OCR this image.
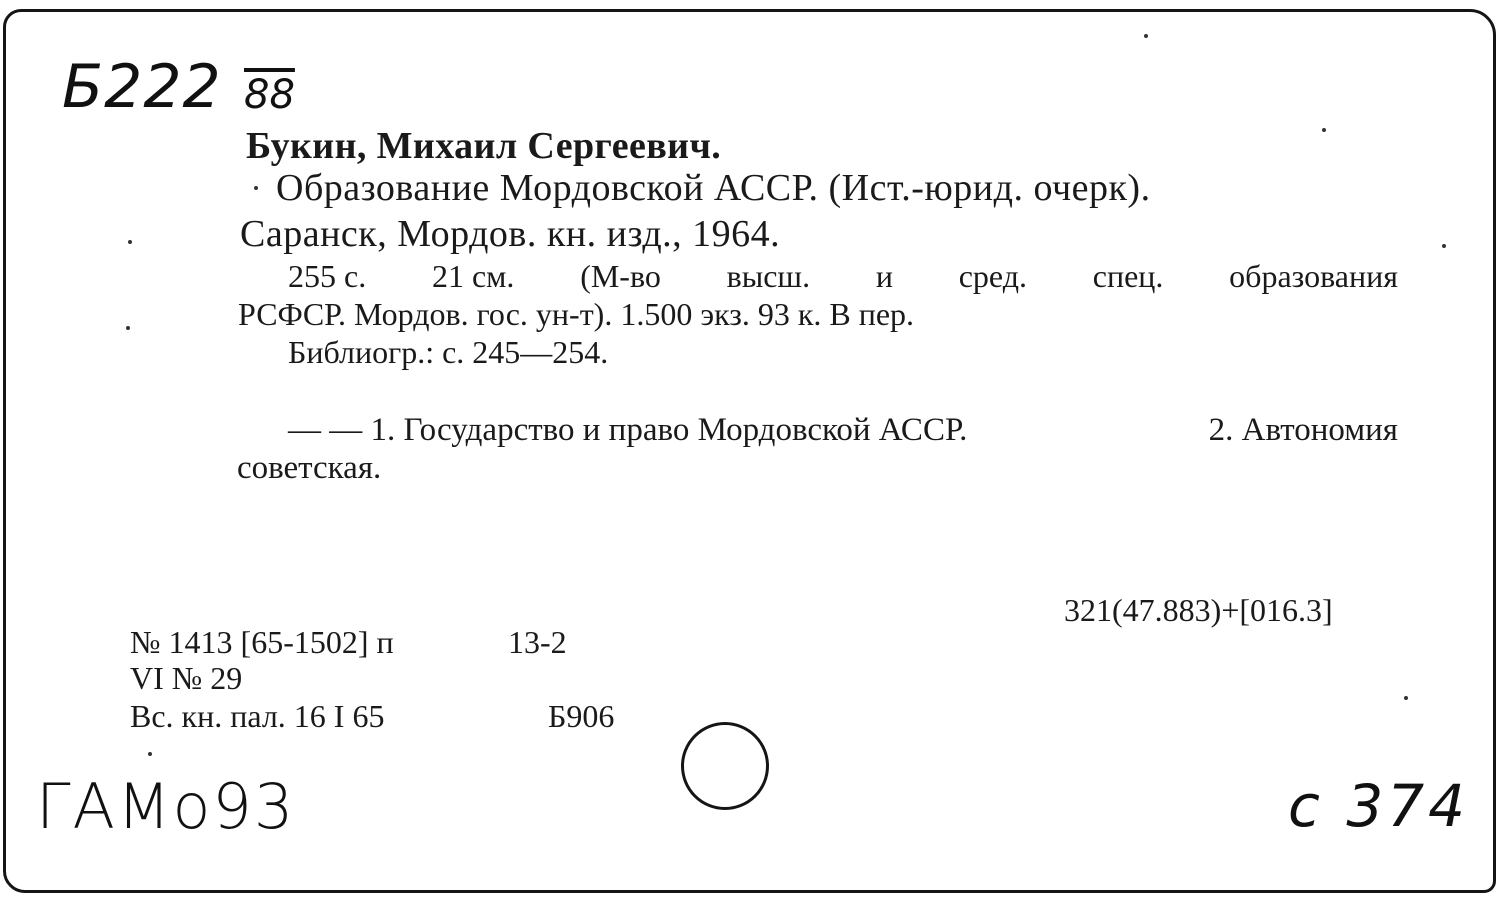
Б222 88

Букин, Михаил Сергеевич.

Образование Мордовской АССР. (Ист.-юрид. очерк).

Саранск, Мордов. кн. изд., 1964.

255 с. 21 см. (М-во высш. и сред. спец. образования

РСФСР. Мордов. гос. ун-т). 1.500 экз. 93 к. В пер.

Библиогр.: с. 245—254.

— — 1. Государство и право Мордовской АССР.	2. Автономия

советская.

321(47.883)+[016.3]

№ 1413 [65-1502] п	13-2

VI № 29

Вс. кн. пал. 16 I 65	Б906

ГАМо93	с 374
